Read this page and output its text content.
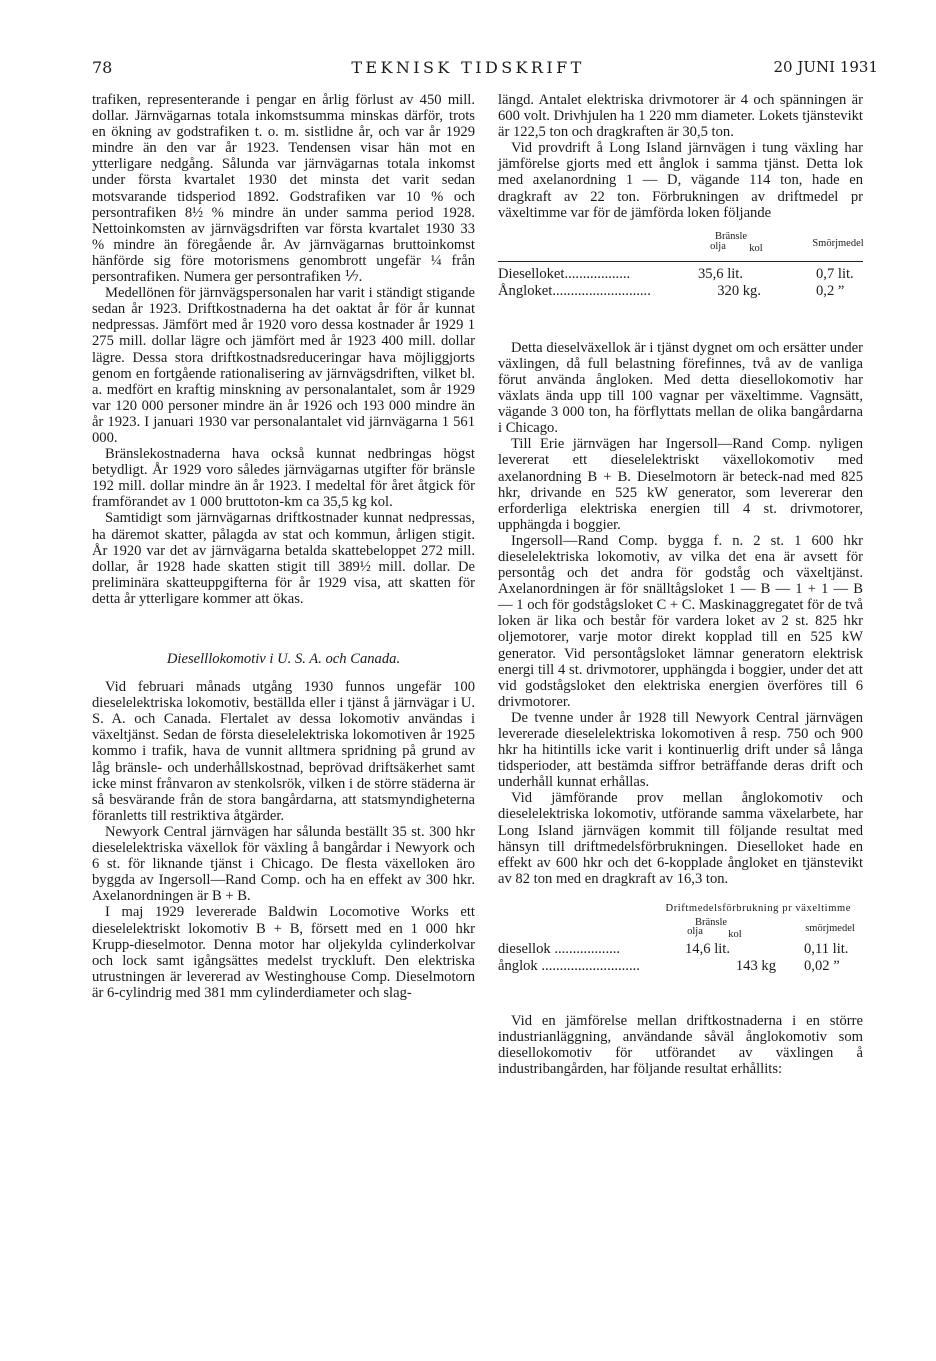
78	TEKNISK TIDSKRIFT	20 JUNI 1931

trafiken, representerande i pengar en årlig förlust av 450 mill. dollar. Järnvägarnas totala inkomstsumma minskas därför, trots en ökning av godstrafiken t. o. m. sistlidne år, och var år 1929 mindre än den var år 1923. Tendensen visar hän mot en ytterligare nedgång. Sålunda var järnvägarnas totala inkomst under första kvartalet 1930 det minsta det varit sedan motsvarande tidsperiod 1892. Godstrafiken var 10 % och persontrafiken 8½ % mindre än under samma period 1928. Nettoinkomsten av järnvägsdriften var första kvartalet 1930 33 % mindre än föregående år. Av järnvägarnas bruttoinkomst hänförde sig före motorismens genombrott ungefär ¼ från persontrafiken. Numera ger persontrafiken ⅐.

Medellönen för järnvägspersonalen har varit i ständigt stigande sedan år 1923. Driftkostnaderna ha det oaktat år för år kunnat nedpressas. Jämfört med år 1920 voro dessa kostnader år 1929 1 275 mill. dollar lägre och jämfört med år 1923 400 mill. dollar lägre. Dessa stora driftkostnadsreduceringar hava möjliggjorts genom en fortgående rationalisering av järnvägsdriften, vilket bl. a. medfört en kraftig minskning av personalantalet, som år 1929 var 120 000 personer mindre än år 1926 och 193 000 mindre än år 1923. I januari 1930 var personalantalet vid järnvägarna 1 561 000.

Bränslekostnaderna hava också kunnat nedbringas högst betydligt. År 1929 voro således järnvägarnas utgifter för bränsle 192 mill. dollar mindre än år 1923. I medeltal för året åtgick för framförandet av 1 000 bruttoton-km ca 35,5 kg kol.

Samtidigt som järnvägarnas driftkostnader kunnat nedpressas, ha däremot skatter, pålagda av stat och kommun, årligen stigit. År 1920 var det av järnvägarna betalda skattebeloppet 272 mill. dollar, år 1928 hade skatten stigit till 389½ mill. dollar. De preliminära skatteuppgifterna för år 1929 visa, att skatten för detta år ytterligare kommer att ökas.

Dieselllokomotiv i U. S. A. och Canada.

Vid februari månads utgång 1930 funnos ungefär 100 dieselelektriska lokomotiv, beställda eller i tjänst å järnvägar i U. S. A. och Canada. Flertalet av dessa lokomotiv användas i växeltjänst. Sedan de första dieselelektriska lokomotiven år 1925 kommo i trafik, hava de vunnit alltmera spridning på grund av låg bränsle- och underhållskostnad, beprövad driftsäkerhet samt icke minst frånvaron av stenkolsrök, vilken i de större städerna är så besvärande från de stora bangårdarna, att statsmyndigheterna föranletts till restriktiva åtgärder.

Newyork Central järnvägen har sålunda beställt 35 st. 300 hkr dieselelektriska växellok för växling å bangårdar i Newyork och 6 st. för liknande tjänst i Chicago. De flesta växelloken äro byggda av Ingersoll—Rand Comp. och ha en effekt av 300 hkr. Axelanordningen är B + B.

I maj 1929 levererade Baldwin Locomotive Works ett dieselelektriskt lokomotiv B + B, försett med en 1 000 hkr Krupp-dieselmotor. Denna motor har oljekylda cylinderkolvar och lock samt igångsättes medelst tryckluft. Den elektriska utrustningen är levererad av Westinghouse Comp. Dieselmotorn är 6-cylindrig med 381 mm cylinderdiameter och slag-

längd. Antalet elektriska drivmotorer är 4 och spänningen är 600 volt. Drivhjulen ha 1 220 mm diameter. Lokets tjänstevikt är 122,5 ton och dragkraften är 30,5 ton.

Vid provdrift å Long Island järnvägen i tung växling har jämförelse gjorts med ett ånglok i samma tjänst. Detta lok med axelanordning 1 — D, vägande 114 ton, hade en dragkraft av 22 ton. Förbrukningen av driftmedel pr växeltimme var för de jämförda loken följande

Bränsle
olja	kol	Smörjmedel
Dieselloket..................	35,6 lit.	0,7 lit.
Ångloket...........................	320 kg.	0,2 ”

Detta dieselväxellok är i tjänst dygnet om och ersätter under växlingen, då full belastning förefinnes, två av de vanliga förut använda ångloken. Med detta diesellokomotiv har växlats ända upp till 100 vagnar per växeltimme. Vagnsätt, vägande 3 000 ton, ha förflyttats mellan de olika bangårdarna i Chicago.

Till Erie järnvägen har Ingersoll—Rand Comp. nyligen levererat ett dieselelektriskt växellokomotiv med axelanordning B + B. Dieselmotorn är beteck-nad med 825 hkr, drivande en 525 kW generator, som levererar den erforderliga elektriska energien till 4 st. drivmotorer, upphängda i boggier.

Ingersoll—Rand Comp. bygga f. n. 2 st. 1 600 hkr dieselelektriska lokomotiv, av vilka det ena är avsett för persontåg och det andra för godståg och växeltjänst. Axelanordningen är för snälltågsloket 1 — B — 1 + 1 — B — 1 och för godstågsloket C + C. Maskinaggregatet för de två loken är lika och består för vardera loket av 2 st. 825 hkr oljemotorer, varje motor direkt kopplad till en 525 kW generator. Vid persontågsloket lämnar generatorn elektrisk energi till 4 st. drivmotorer, upphängda i boggier, under det att vid godstågsloket den elektriska energien överföres till 6 drivmotorer.

De tvenne under år 1928 till Newyork Central järnvägen levererade dieselelektriska lokomotiven å resp. 750 och 900 hkr ha hitintills icke varit i kontinuerlig drift under så långa tidsperioder, att bestämda siffror beträffande deras drift och underhåll kunnat erhållas.

Vid jämförande prov mellan ånglokomotiv och dieselelektriska lokomotiv, utförande samma växelarbete, har Long Island järnvägen kommit till följande resultat med hänsyn till driftmedelsförbrukningen. Dieselloket hade en effekt av 600 hkr och det 6-kopplade ångloket en tjänstevikt av 82 ton med en dragkraft av 16,3 ton.

Driftmedelsförbrukning pr växeltimme
Bränsle
olja	kol
smörjmedel
diesellok ..................	14,6 lit.	0,11 lit.
ånglok ...........................	143 kg 0,02 ”

Vid en jämförelse mellan driftkostnaderna i en större industrianläggning, användande såväl ånglokomotiv som diesellokomotiv för utförandet av växlingen å industribangården, har följande resultat erhållits:
